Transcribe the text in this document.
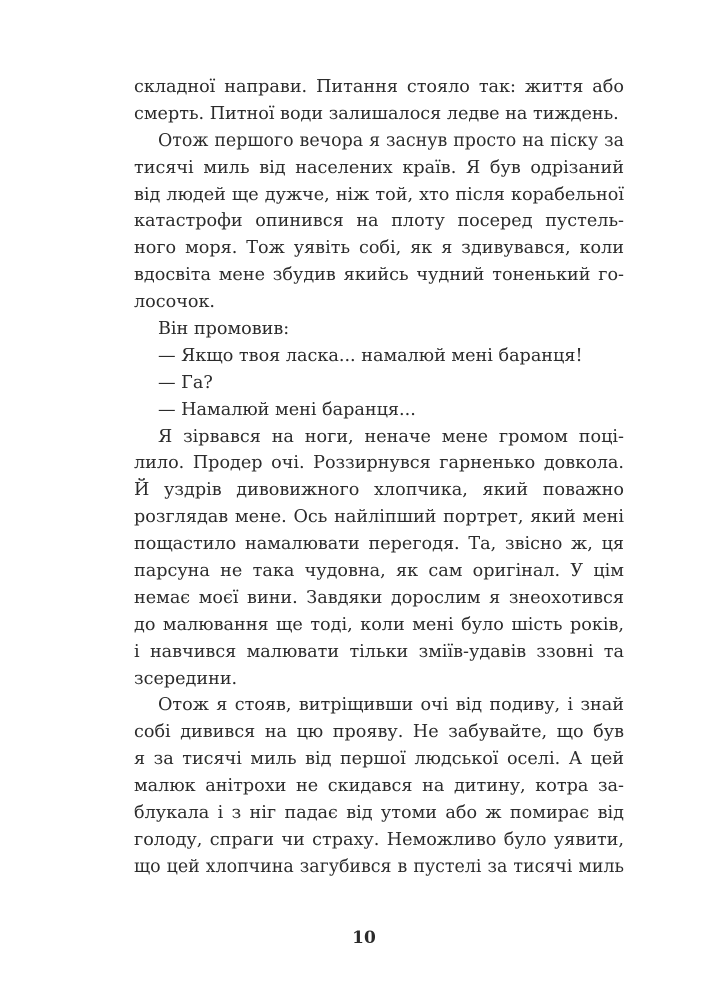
складної направи. Питання стояло так: життя або
смерть. Питної води залишалося ледве на тиждень.
Отож першого вечора я заснув просто на піску за
тисячі миль від населених країв. Я був одрізаний
від людей ще дужче, ніж той, хто після корабельної
катастрофи опинився на плоту посеред пустель-
ного моря. Тож уявіть собі, як я здивувався, коли
вдосвіта мене збудив якийсь чудний тоненький го-
лосочок.
Він промовив:
— Якщо твоя ласка... намалюй мені баранця!
— Га?
— Намалюй мені баранця...
Я зірвався на ноги, неначе мене громом поці-
лило. Продер очі. Роззирнувся гарненько довкола.
Й уздрів дивовижного хлопчика, який поважно
розглядав мене. Ось найліпший портрет, який мені
пощастило намалювати перегодя. Та, звісно ж, ця
парсуна не така чудовна, як сам оригінал. У цім
немає моєї вини. Завдяки дорослим я знеохотився
до малювання ще тоді, коли мені було шість років,
і навчився малювати тільки змiїв-удавів ззовні та
зсередини.
Отож я стояв, витріщивши очі від подиву, і знай
собі дивився на цю прояву. Не забувайте, що був
я за тисячі миль від першої людської оселі. А цей
малюк анітрохи не скидався на дитину, котра за-
блукала і з ніг падає від утоми або ж помирає від
голоду, спраги чи страху. Неможливо було уявити,
що цей хлопчина загубився в пустелі за тисячі миль
10
